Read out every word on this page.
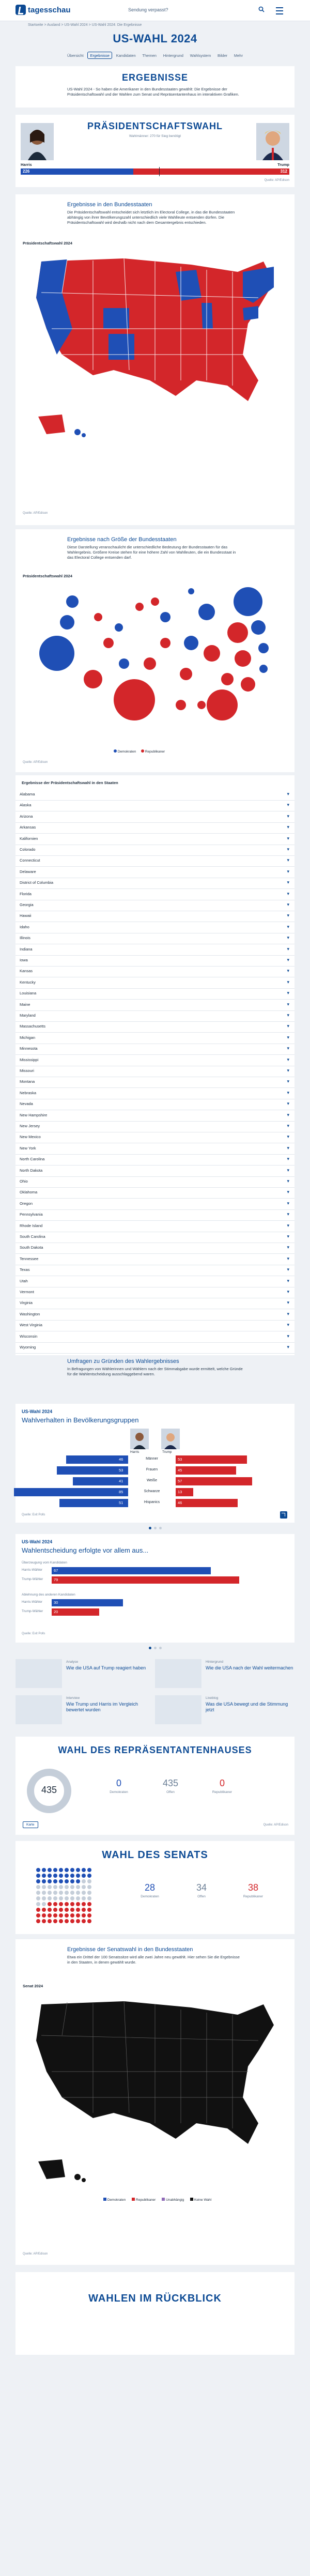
tagesschau	Sendung verpasst?
Startseite > Ausland > US-Wahl 2024 > US-Wahl 2024: Die Ergebnisse
US-WAHL 2024
Übersicht	Ergebnisse	Kandidaten	Themen	Hintergrund	Wahlsystem	Bilder	Mehr
ERGEBNISSE
US-Wahl 2024 - So haben die Amerikaner in den Bundesstaaten gewählt: Die Ergebnisse der Präsidentschaftswahl und der Wahlen zum Senat und Repräsentantenhaus im interaktiven Grafiken.
PRÄSIDENTSCHAFTSWAHL
Wahlmänner: 270 für Sieg benötigt
Harris	Trump
226	312
Quelle: AP/Edison
Ergebnisse in den Bundesstaaten
Die Präsidentschaftswahl entscheidet sich letztlich im Electoral College, in das die Bundesstaaten abhängig von ihrer Bevölkerungszahl unterschiedlich viele Wahlleute entsenden dürfen. Die Präsidentschaftswahl wird deshalb nicht nach dem Gesamtergebnis entschieden.
Präsidentschaftswahl 2024
Quelle: AP/Edison
Ergebnisse nach Größe der Bundesstaaten
Diese Darstellung veranschaulicht die unterschiedliche Bedeutung der Bundesstaaten für das Wahlergebnis. Größere Kreise stehen für eine höhere Zahl von Wahlleuten, die ein Bundesstaat in das Electoral College entsenden darf.
Präsidentschaftswahl 2024
Demokraten	Republikaner
Quelle: AP/Edison
Ergebnisse der Präsidentschaftswahl in den Staaten
Alabama	▾
Alaska	▾
Arizona	▾
Arkansas	▾
Kalifornien	▾
Colorado	▾
Connecticut	▾
Delaware	▾
District of Columbia	▾
Florida	▾
Georgia	▾
Hawaii	▾
Idaho	▾
Illinois	▾
Indiana	▾
Iowa	▾
Kansas	▾
Kentucky	▾
Louisiana	▾
Maine	▾
Maryland	▾
Massachusetts	▾
Michigan	▾
Minnesota	▾
Mississippi	▾
Missouri	▾
Montana	▾
Nebraska	▾
Nevada	▾
New Hampshire	▾
New Jersey	▾
New Mexico	▾
New York	▾
North Carolina	▾
North Dakota	▾
Ohio	▾
Oklahoma	▾
Oregon	▾
Pennsylvania	▾
Rhode Island	▾
South Carolina	▾
South Dakota	▾
Tennessee	▾
Texas	▾
Utah	▾
Vermont	▾
Virginia	▾
Washington	▾
West Virginia	▾
Wisconsin	▾
Wyoming	▾
Umfragen zu Gründen des Wahlergebnisses
In Befragungen von Wählerinnen und Wählern nach der Stimmabgabe wurde ermittelt, welche Gründe für die Wahlentscheidung ausschlaggebend waren.
US-Wahl 2024
Wahlverhalten in Bevölkerungsgruppen
Harris	Trump
46	Männer	53
53	Frauen	45
41	Weiße	57
85	Schwarze	13
51	Hispanics	46
Quelle: Exit Polls
US-Wahl 2024
Wahlentscheidung erfolgte vor allem aus...
Überzeugung vom Kandidaten
Harris-Wähler	67
Trump-Wähler	79
Ablehnung des anderen Kandidaten
Harris-Wähler	30
Trump-Wähler	20
Quelle: Exit Polls
Analyse
Wie die USA auf Trump reagiert haben
Hintergrund
Wie die USA nach der Wahl weitermachen
Interview
Wie Trump und Harris im Vergleich bewertet wurden
Liveblog
Was die USA bewegt und die Stimmung jetzt
WAHL DES REPRÄSENTANTENHAUSES
435
0
Demokraten
435
Offen
0
Republikaner
Karte	Quelle: AP/Edison
WAHL DES SENATS
28
Demokraten
34
Offen
38
Republikaner
Ergebnisse der Senatswahl in den Bundesstaaten
Etwa ein Drittel der 100 Senatssitze wird alle zwei Jahre neu gewählt. Hier sehen Sie die Ergebnisse in den Staaten, in denen gewählt wurde.
Senat 2024
Demokraten	Republikaner	Unabhängig	Keine Wahl
Quelle: AP/Edison
WAHLEN IM RÜCKBLICK
